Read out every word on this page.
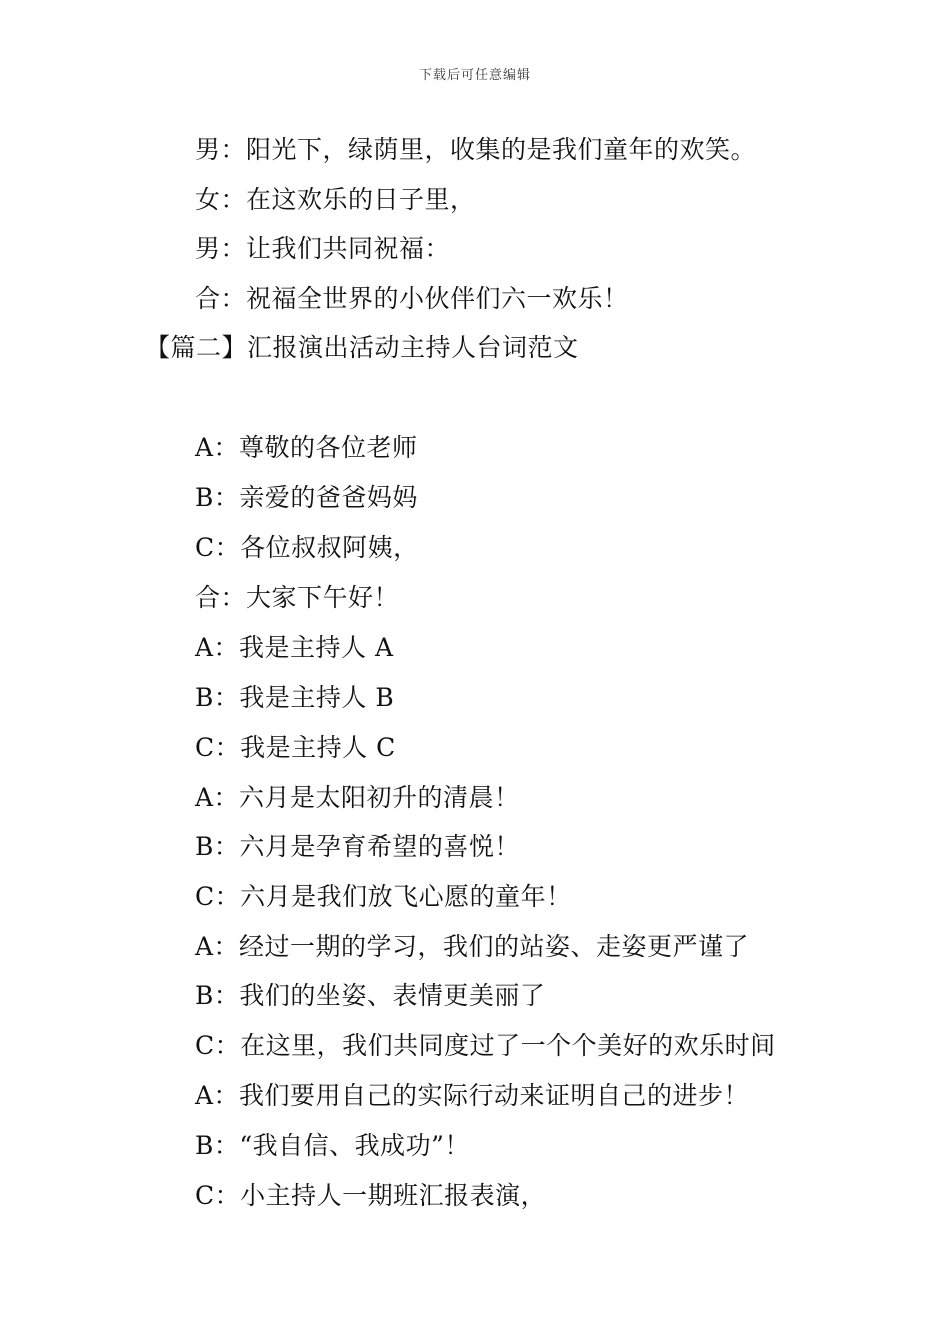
下载后可任意编辑
男：阳光下，绿荫里，收集的是我们童年的欢笑。
女：在这欢乐的日子里，
男：让我们共同祝福：
合：祝福全世界的小伙伴们六一欢乐！
【篇二】汇报演出活动主持人台词范文
A：尊敬的各位老师
B：亲爱的爸爸妈妈
C：各位叔叔阿姨，
合：大家下午好！
A：我是主持人 A
B：我是主持人 B
C：我是主持人 C
A：六月是太阳初升的清晨！
B：六月是孕育希望的喜悦！
C：六月是我们放飞心愿的童年！
A：经过一期的学习，我们的站姿、走姿更严谨了
B：我们的坐姿、表情更美丽了
C：在这里，我们共同度过了一个个美好的欢乐时间
A：我们要用自己的实际行动来证明自己的进步！
B：“我自信、我成功”！
C：小主持人一期班汇报表演，
